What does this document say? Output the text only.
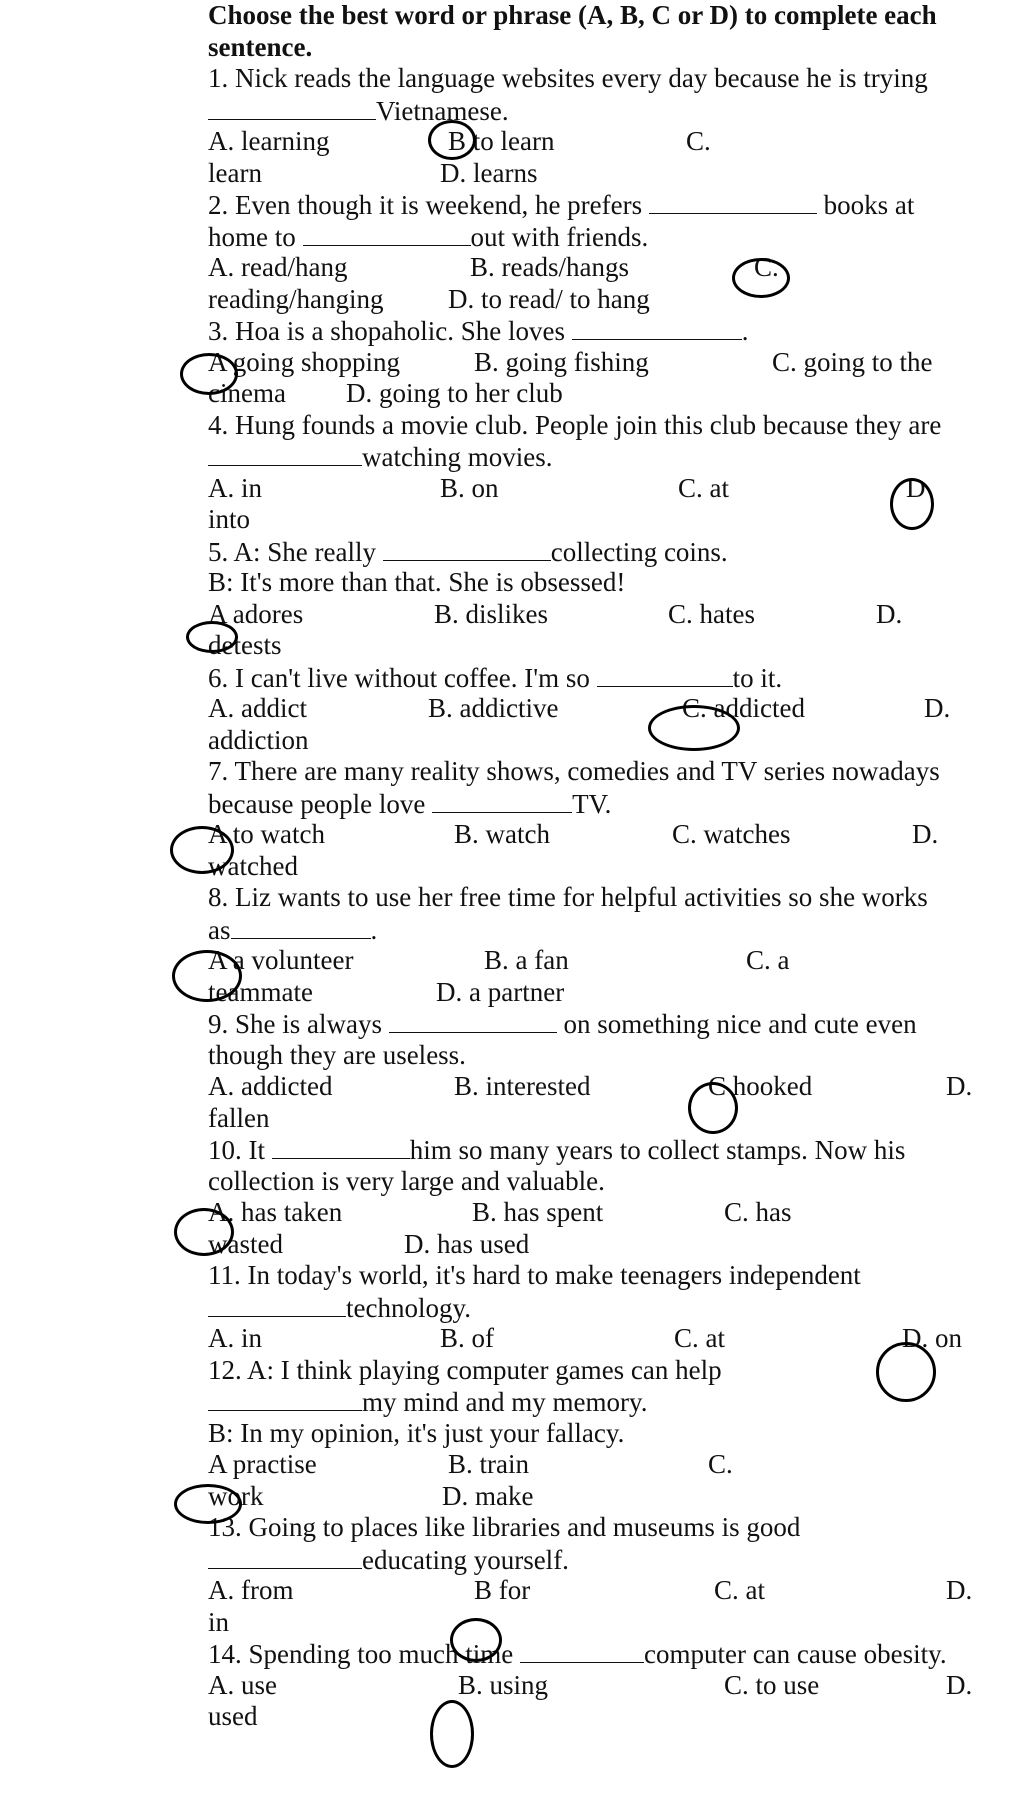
Choose the best word or phrase (A, B, C or D) to complete each sentence.
1. Nick reads the language websites every day because he is trying
Vietnamese.
A. learning	B to learn	C.
learn	D. learns
2. Even though it is weekend, he prefers	books at
home to	out with friends.
A. read/hang	B. reads/hangs	C.
reading/hanging D. to read/ to hang
3. Hoa is a shopaholic. She loves	.
A going shopping	B. going fishing	C. going to the
cinema D. going to her club
4. Hung founds a movie club. People join this club because they are
watching movies.
A. in	B. on	C. at	D
into
5. A: She really	collecting coins.
B: It's more than that. She is obsessed!
A adores	B. dislikes	C. hates	D.
detests
6. I can't live without coffee. I'm so	to it.
A. addict	B. addictive	C. addicted	D.
addiction
7. There are many reality shows, comedies and TV series nowadays
because people love	TV.
A to watch	B. watch	C. watches	D.
watched
8. Liz wants to use her free time for helpful activities so she works
as	.
A a volunteer	B. a fan	C. a
teammate	D. a partner
9. She is always	on something nice and cute even
though they are useless.
A. addicted	B. interested	C hooked	D.
fallen
10. It	him so many years to collect stamps. Now his
collection is very large and valuable.
A. has taken	B. has spent	C. has
wasted	D. has used
11. In today's world, it's hard to make teenagers independent
technology.
A. in	B. of	C. at	D. on
12. A: I think playing computer games can help
my mind and my memory.
B: In my opinion, it's just your fallacy.
A practise	B. train	C.
work	D. make
13. Going to places like libraries and museums is good
educating yourself.
A. from	B for	C. at	D.
in
14. Spending too much time	computer can cause obesity.
A. use	B. using	C. to use	D.
used
